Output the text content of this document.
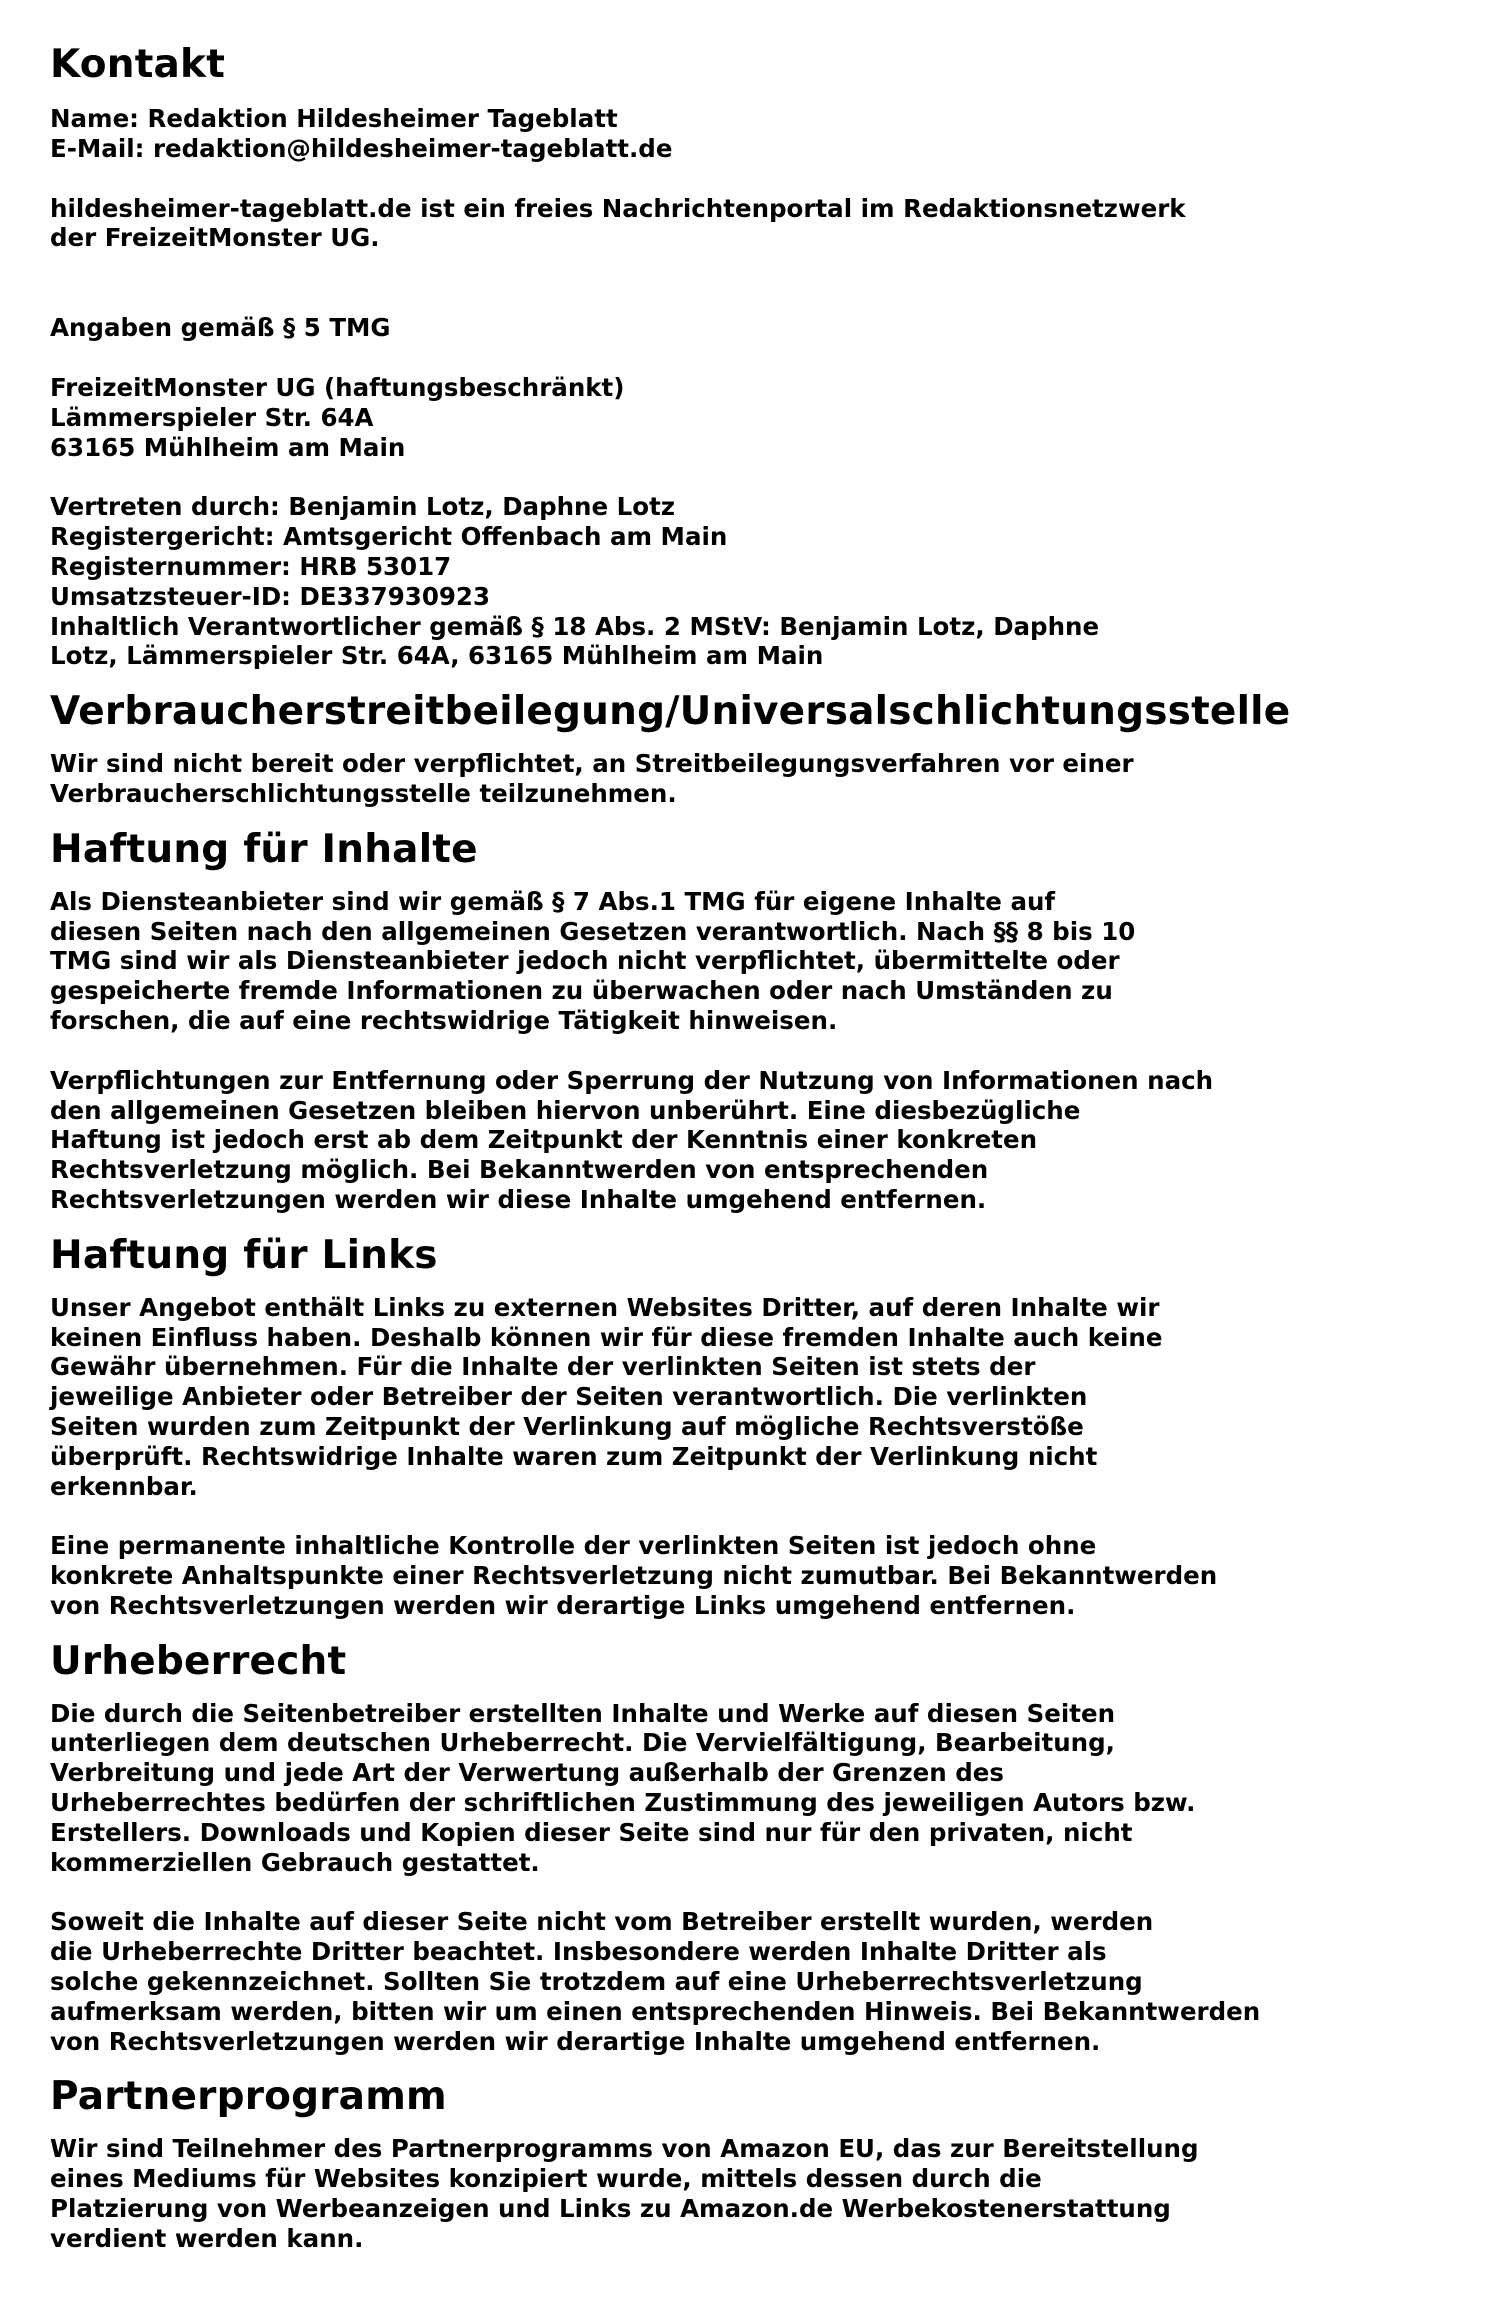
Kontakt

Name: Redaktion Hildesheimer Tageblatt

E-Mail: redaktion@hildesheimer-tageblatt.de

hildesheimer-tageblatt.de ist ein freies Nachrichtenportal im Redaktionsnetzwerk
der FreizeitMonster UG.

Angaben gemäß § 5 TMG

FreizeitMonster UG (haftungsbeschränkt)
Lämmerspieler Str. 64A
63165 Mühlheim am Main

Vertreten durch: Benjamin Lotz, Daphne Lotz
Registergericht: Amtsgericht Offenbach am Main
Registernummer: HRB 53017
Umsatzsteuer-ID: DE337930923
Inhaltlich Verantwortlicher gemäß § 18 Abs. 2 MStV: Benjamin Lotz, Daphne
Lotz, Lämmerspieler Str. 64A, 63165 Mühlheim am Main

Verbraucherstreitbeilegung/Universalschlichtungsstelle

Wir sind nicht bereit oder verpflichtet, an Streitbeilegungsverfahren vor einer
Verbraucherschlichtungsstelle teilzunehmen.

Haftung für Inhalte

Als Diensteanbieter sind wir gemäß § 7 Abs.1 TMG für eigene Inhalte auf
diesen Seiten nach den allgemeinen Gesetzen verantwortlich. Nach §§ 8 bis 10
TMG sind wir als Diensteanbieter jedoch nicht verpflichtet, übermittelte oder
gespeicherte fremde Informationen zu überwachen oder nach Umständen zu
forschen, die auf eine rechtswidrige Tätigkeit hinweisen.

Verpflichtungen zur Entfernung oder Sperrung der Nutzung von Informationen nach
den allgemeinen Gesetzen bleiben hiervon unberührt. Eine diesbezügliche
Haftung ist jedoch erst ab dem Zeitpunkt der Kenntnis einer konkreten
Rechtsverletzung möglich. Bei Bekanntwerden von entsprechenden
Rechtsverletzungen werden wir diese Inhalte umgehend entfernen.

Haftung für Links

Unser Angebot enthält Links zu externen Websites Dritter, auf deren Inhalte wir
keinen Einfluss haben. Deshalb können wir für diese fremden Inhalte auch keine
Gewähr übernehmen. Für die Inhalte der verlinkten Seiten ist stets der
jeweilige Anbieter oder Betreiber der Seiten verantwortlich. Die verlinkten
Seiten wurden zum Zeitpunkt der Verlinkung auf mögliche Rechtsverstöße
überprüft. Rechtswidrige Inhalte waren zum Zeitpunkt der Verlinkung nicht
erkennbar.

Eine permanente inhaltliche Kontrolle der verlinkten Seiten ist jedoch ohne
konkrete Anhaltspunkte einer Rechtsverletzung nicht zumutbar. Bei Bekanntwerden
von Rechtsverletzungen werden wir derartige Links umgehend entfernen.

Urheberrecht

Die durch die Seitenbetreiber erstellten Inhalte und Werke auf diesen Seiten
unterliegen dem deutschen Urheberrecht. Die Vervielfältigung, Bearbeitung,
Verbreitung und jede Art der Verwertung außerhalb der Grenzen des
Urheberrechtes bedürfen der schriftlichen Zustimmung des jeweiligen Autors bzw.
Erstellers. Downloads und Kopien dieser Seite sind nur für den privaten, nicht
kommerziellen Gebrauch gestattet.

Soweit die Inhalte auf dieser Seite nicht vom Betreiber erstellt wurden, werden
die Urheberrechte Dritter beachtet. Insbesondere werden Inhalte Dritter als
solche gekennzeichnet. Sollten Sie trotzdem auf eine Urheberrechtsverletzung
aufmerksam werden, bitten wir um einen entsprechenden Hinweis. Bei Bekanntwerden
von Rechtsverletzungen werden wir derartige Inhalte umgehend entfernen.

Partnerprogramm

Wir sind Teilnehmer des Partnerprogramms von Amazon EU, das zur Bereitstellung
eines Mediums für Websites konzipiert wurde, mittels dessen durch die
Platzierung von Werbeanzeigen und Links zu Amazon.de Werbekostenerstattung
verdient werden kann.
